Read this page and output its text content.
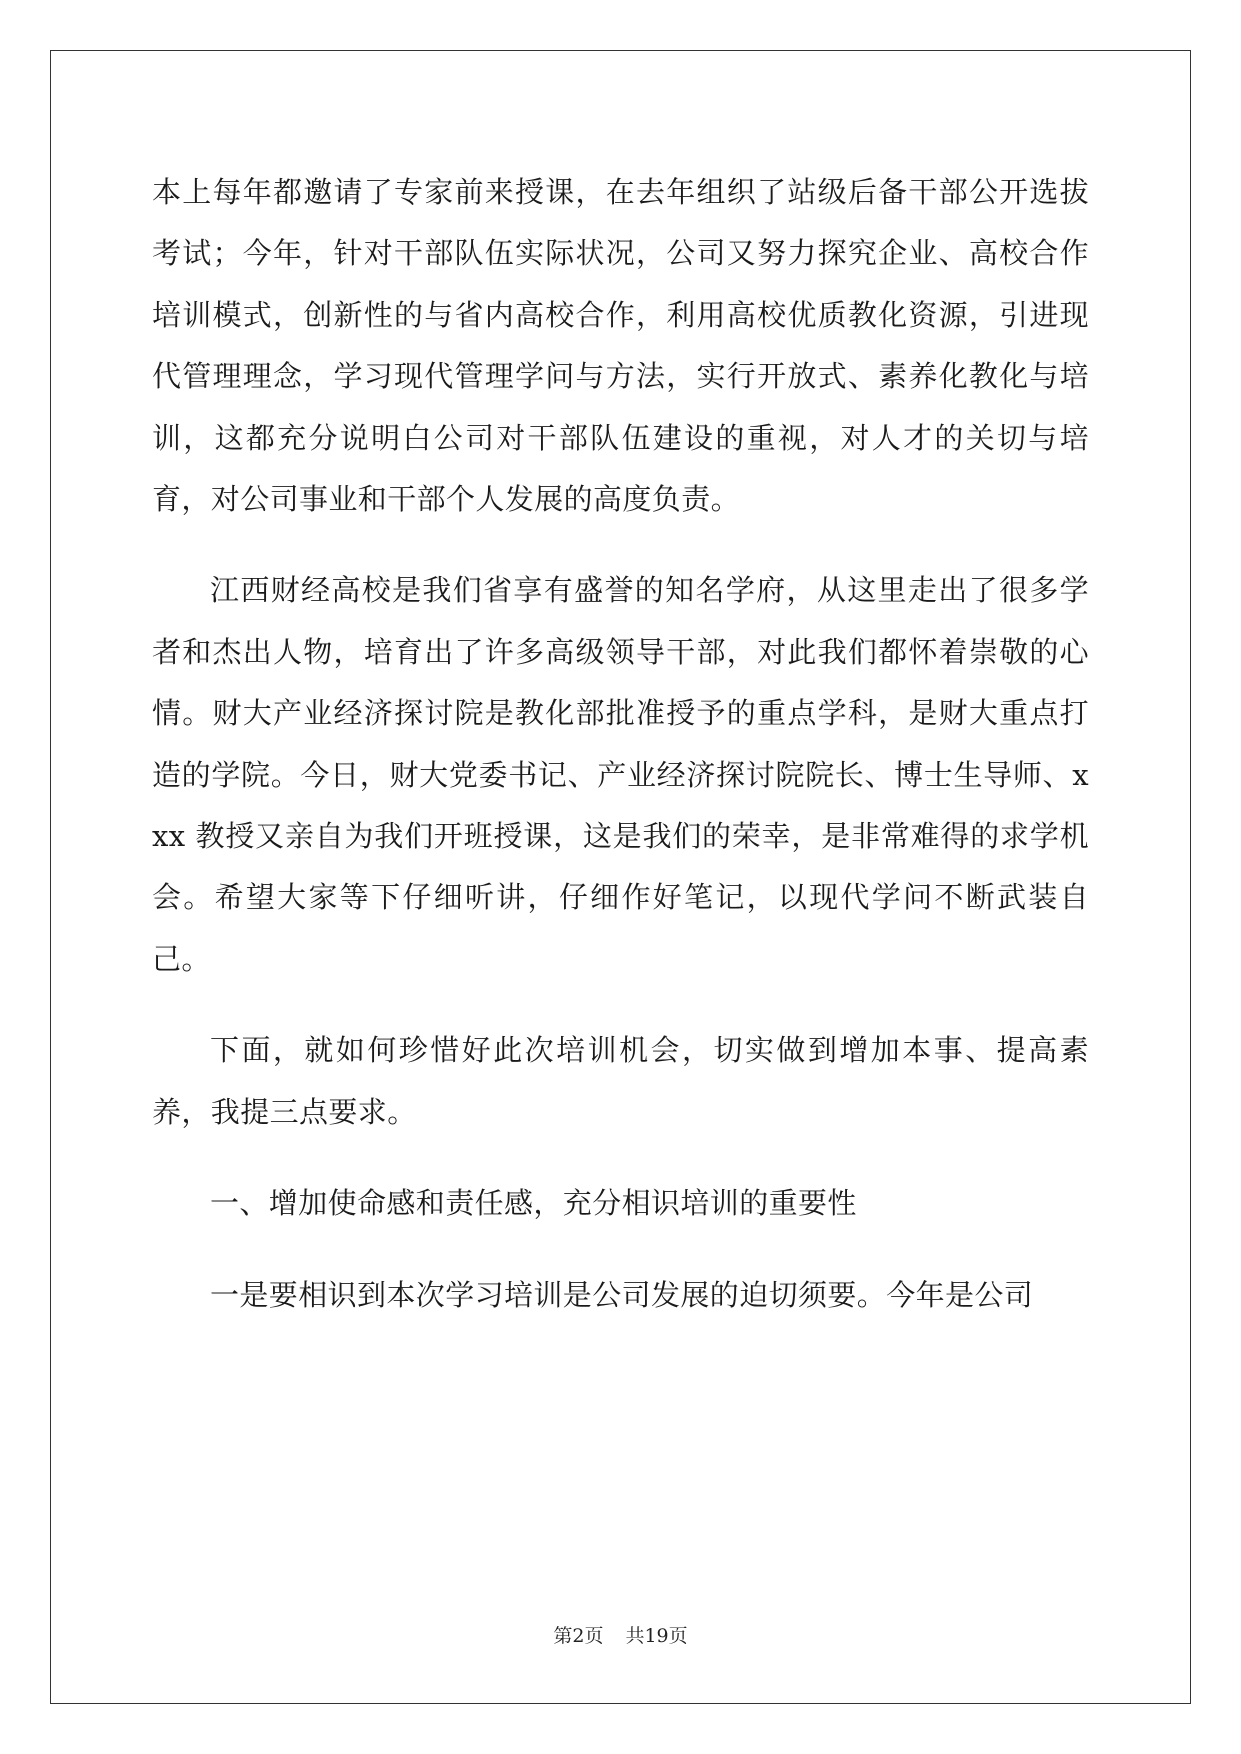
本上每年都邀请了专家前来授课，在去年组织了站级后备干部公开选拔考试；今年，针对干部队伍实际状况，公司又努力探究企业、高校合作培训模式，创新性的与省内高校合作，利用高校优质教化资源，引进现代管理理念，学习现代管理学问与方法，实行开放式、素养化教化与培训，这都充分说明白公司对干部队伍建设的重视，对人才的关切与培育，对公司事业和干部个人发展的高度负责。

江西财经高校是我们省享有盛誉的知名学府，从这里走出了很多学者和杰出人物，培育出了许多高级领导干部，对此我们都怀着崇敬的心情。财大产业经济探讨院是教化部批准授予的重点学科，是财大重点打造的学院。今日，财大党委书记、产业经济探讨院院长、博士生导师、xxx 教授又亲自为我们开班授课，这是我们的荣幸，是非常难得的求学机会。希望大家等下仔细听讲，仔细作好笔记，以现代学问不断武装自己。

下面，就如何珍惜好此次培训机会，切实做到增加本事、提高素养，我提三点要求。

一、增加使命感和责任感，充分相识培训的重要性

一是要相识到本次学习培训是公司发展的迫切须要。今年是公司

第2页 共19页
